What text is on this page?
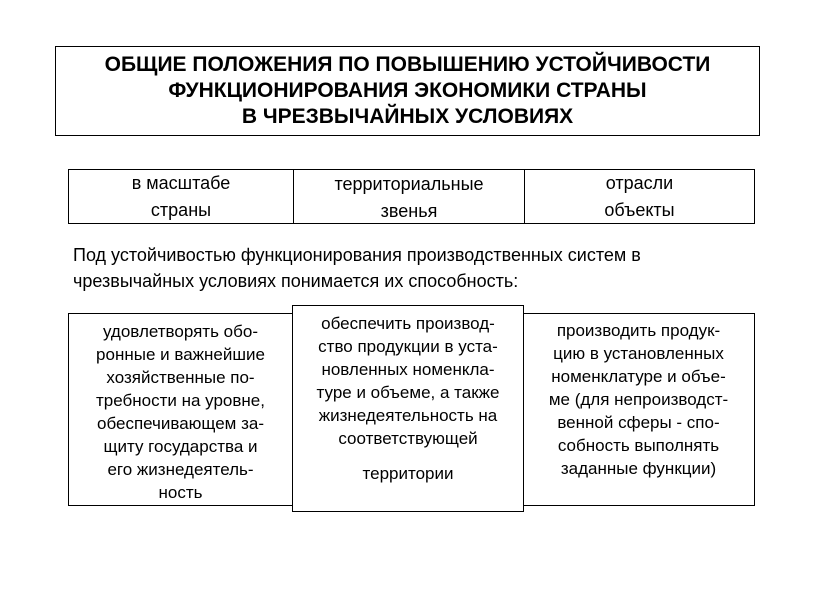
ОБЩИЕ ПОЛОЖЕНИЯ ПО ПОВЫШЕНИЮ УСТОЙЧИВОСТИ
ФУНКЦИОНИРОВАНИЯ ЭКОНОМИКИ СТРАНЫ
В ЧРЕЗВЫЧАЙНЫХ УСЛОВИЯХ
в масштабе
страны
территориальные
звенья
отрасли
объекты
Под устойчивостью функционирования производственных систем в
чрезвычайных условиях понимается их способность:
удовлетворять обо-
ронные и важнейшие
хозяйственные по-
требности на уровне,
обеспечивающем за-
щиту государства и
его жизнедеятель-
ность
производить продук-
цию в установленных
номенклатуре и объе-
ме (для непроизводст-
венной сферы - спо-
собность выполнять
заданные функции)
обеспечить производ-
ство продукции в уста-
новленных номенкла-
туре и объеме, а также
жизнедеятельность на
соответствующей
территории
